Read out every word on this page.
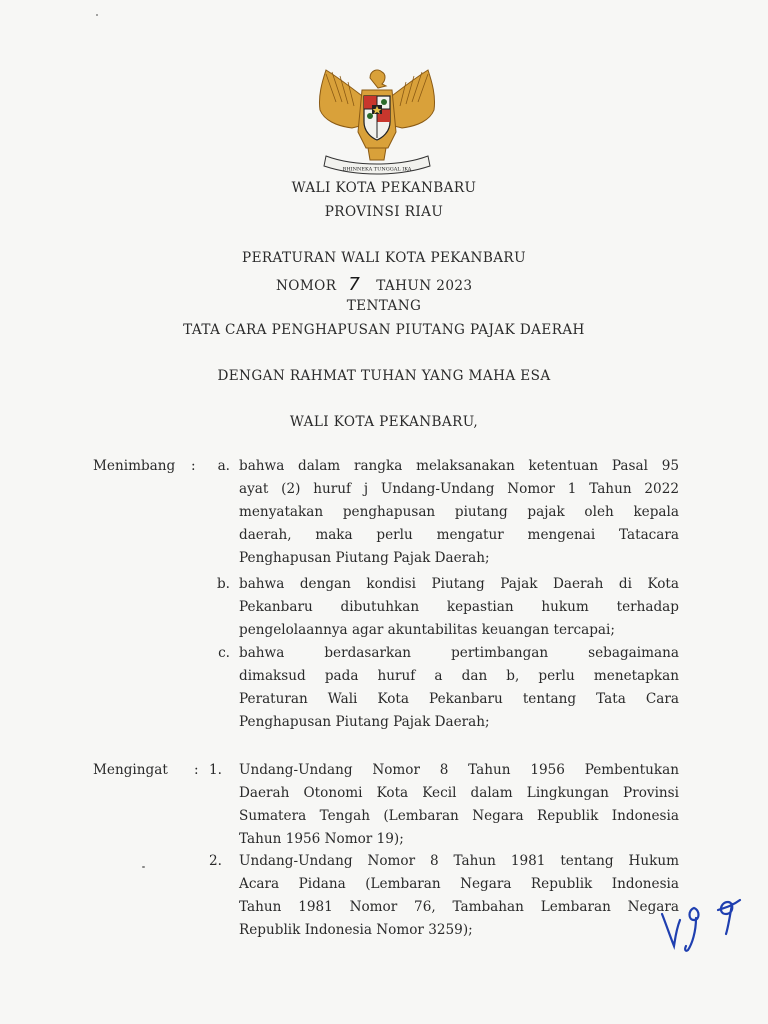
BHINNEKA TUNGGAL IKA
WALI KOTA PEKANBARU
PROVINSI RIAU
PERATURAN WALI KOTA PEKANBARU
NOMOR 7 TAHUN 2023
TENTANG
TATA CARA PENGHAPUSAN PIUTANG PAJAK DAERAH
DENGAN RAHMAT TUHAN YANG MAHA ESA
WALI KOTA PEKANBARU,
Menimbang :	a. bahwa dalam rangka melaksanakan ketentuan Pasal 95
ayat (2) huruf j Undang-Undang Nomor 1 Tahun 2022
menyatakan penghapusan piutang pajak oleh kepala
daerah, maka perlu mengatur mengenai Tatacara
Penghapusan Piutang Pajak Daerah;
b. bahwa dengan kondisi Piutang Pajak Daerah di Kota
Pekanbaru dibutuhkan kepastian hukum terhadap
pengelolaannya agar akuntabilitas keuangan tercapai;
c. bahwa berdasarkan pertimbangan sebagaimana
dimaksud pada huruf a dan b, perlu menetapkan
Peraturan Wali Kota Pekanbaru tentang Tata Cara
Penghapusan Piutang Pajak Daerah;
Mengingat : 1. Undang-Undang Nomor 8 Tahun 1956 Pembentukan
Daerah Otonomi Kota Kecil dalam Lingkungan Provinsi
Sumatera Tengah (Lembaran Negara Republik Indonesia
Tahun 1956 Nomor 19);
2. Undang-Undang Nomor 8 Tahun 1981 tentang Hukum
Acara Pidana (Lembaran Negara Republik Indonesia
Tahun 1981 Nomor 76, Tambahan Lembaran Negara
Republik Indonesia Nomor 3259);
